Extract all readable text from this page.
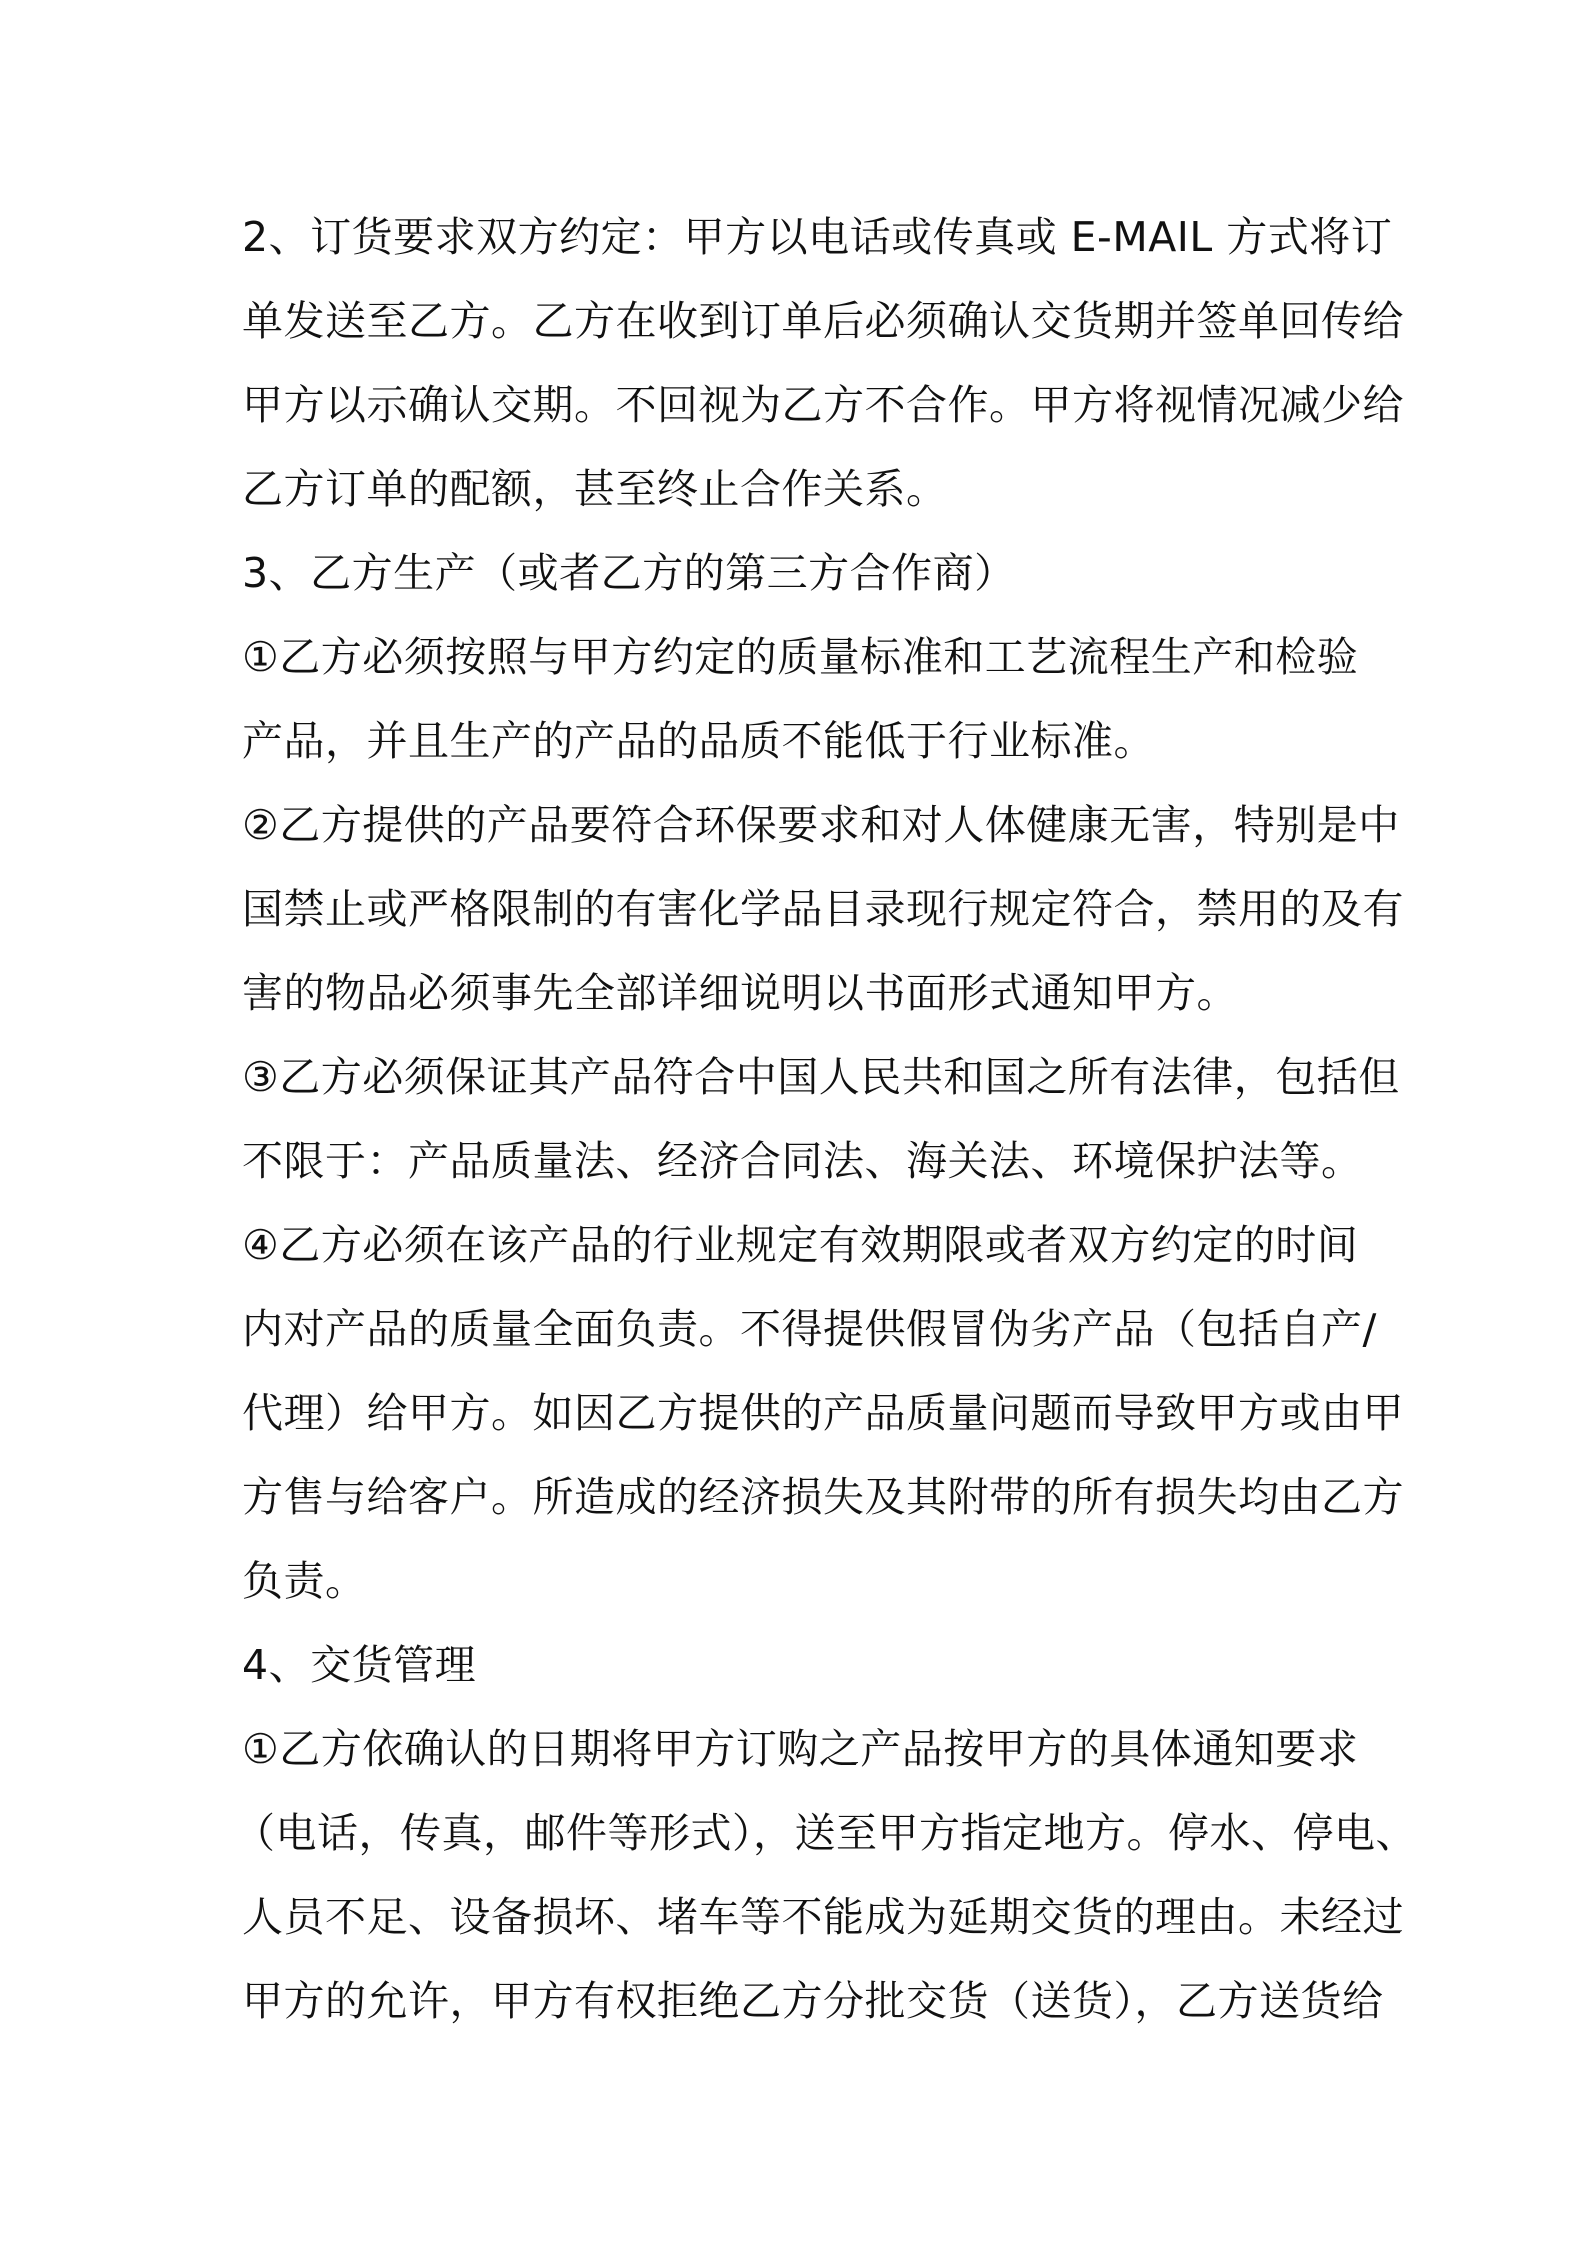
2、订货要求双方约定：甲方以电话或传真或 E-MAIL 方式将订
单发送至乙方。乙方在收到订单后必须确认交货期并签单回传给
甲方以示确认交期。不回视为乙方不合作。甲方将视情况减少给
乙方订单的配额，甚至终止合作关系。
3、乙方生产（或者乙方的第三方合作商）
①乙方必须按照与甲方约定的质量标准和工艺流程生产和检验
产品，并且生产的产品的品质不能低于行业标准。
②乙方提供的产品要符合环保要求和对人体健康无害，特别是中
国禁止或严格限制的有害化学品目录现行规定符合，禁用的及有
害的物品必须事先全部详细说明以书面形式通知甲方。
③乙方必须保证其产品符合中国人民共和国之所有法律，包括但
不限于：产品质量法、经济合同法、海关法、环境保护法等。
④乙方必须在该产品的行业规定有效期限或者双方约定的时间
内对产品的质量全面负责。不得提供假冒伪劣产品（包括自产/
代理）给甲方。如因乙方提供的产品质量问题而导致甲方或由甲
方售与给客户。所造成的经济损失及其附带的所有损失均由乙方
负责。
4、交货管理
①乙方依确认的日期将甲方订购之产品按甲方的具体通知要求
（电话，传真，邮件等形式），送至甲方指定地方。停水、停电、
人员不足、设备损坏、堵车等不能成为延期交货的理由。未经过
甲方的允许，甲方有权拒绝乙方分批交货（送货），乙方送货给
